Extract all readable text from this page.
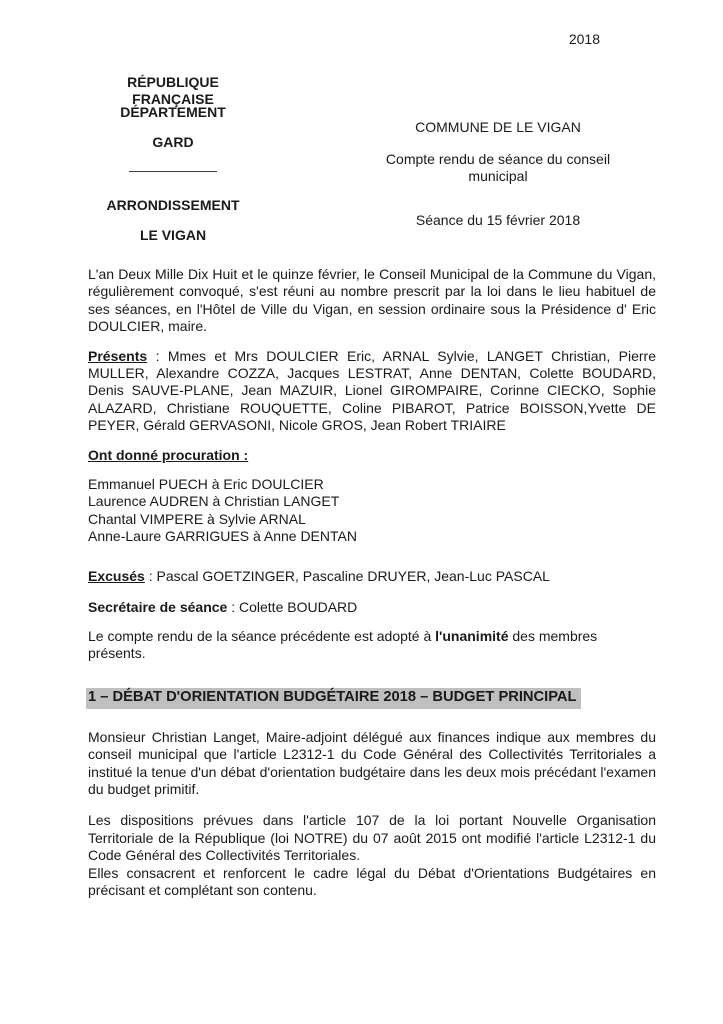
2018
RÉPUBLIQUE FRANÇAISE
DÉPARTEMENT
GARD
ARRONDISSEMENT
LE VIGAN
COMMUNE DE LE VIGAN
Compte rendu de séance du conseil municipal
Séance du 15 février 2018

L'an Deux Mille Dix Huit et le quinze février, le Conseil Municipal de la Commune du Vigan, régulièrement convoqué, s'est réuni au nombre prescrit par la loi dans le lieu habituel de ses séances, en l'Hôtel de Ville du Vigan, en session ordinaire sous la Présidence d' Eric DOULCIER, maire.

Présents : Mmes et Mrs DOULCIER Eric, ARNAL Sylvie, LANGET Christian, Pierre MULLER, Alexandre COZZA, Jacques LESTRAT, Anne DENTAN, Colette BOUDARD, Denis SAUVE-PLANE, Jean MAZUIR, Lionel GIROMPAIRE, Corinne CIECKO, Sophie ALAZARD, Christiane ROUQUETTE, Coline PIBAROT, Patrice BOISSON,Yvette DE PEYER, Gérald GERVASONI, Nicole GROS, Jean Robert TRIAIRE

Ont donné procuration :

Emmanuel PUECH à Eric DOULCIER
Laurence AUDREN à Christian LANGET
Chantal VIMPERE à Sylvie ARNAL
Anne-Laure GARRIGUES à Anne DENTAN

Excusés : Pascal GOETZINGER, Pascaline DRUYER, Jean-Luc PASCAL

Secrétaire de séance : Colette BOUDARD

Le compte rendu de la séance précédente est adopté à l'unanimité des membres présents.

1 – DÉBAT D'ORIENTATION BUDGÉTAIRE 2018 – BUDGET PRINCIPAL

Monsieur Christian Langet, Maire-adjoint délégué aux finances indique aux membres du conseil municipal que l'article L2312-1 du Code Général des Collectivités Territoriales a institué la tenue d'un débat d'orientation budgétaire dans les deux mois précédant l'examen du budget primitif.

Les dispositions prévues dans l'article 107 de la loi portant Nouvelle Organisation Territoriale de la République (loi NOTRE) du 07 août 2015 ont modifié l'article L2312-1 du Code Général des Collectivités Territoriales.
Elles consacrent et renforcent le cadre légal du Débat d'Orientations Budgétaires en précisant et complétant son contenu.
